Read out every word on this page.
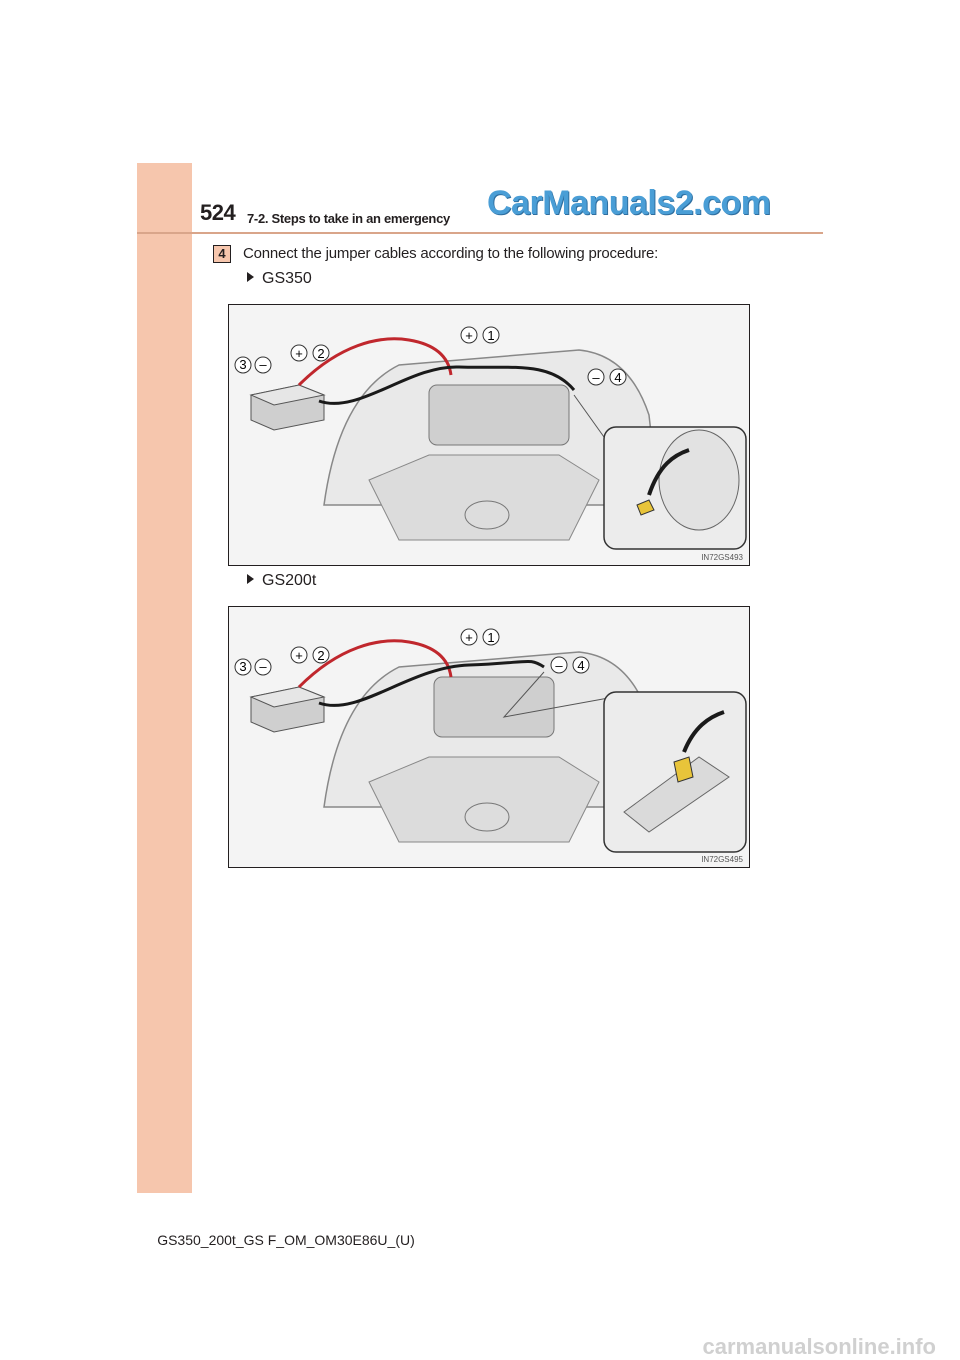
524 7-2. Steps to take in an emergency CarManuals2.com
4	Connect the jumper cables according to the following procedure:
GS350
3 –
+ 2
+ 1
– 4
IN72GS493
GS200t
3 –
+ 2
+ 1
– 4
IN72GS495
GS350_200t_GS F_OM_OM30E86U_(U)
carmanualsonline.info
